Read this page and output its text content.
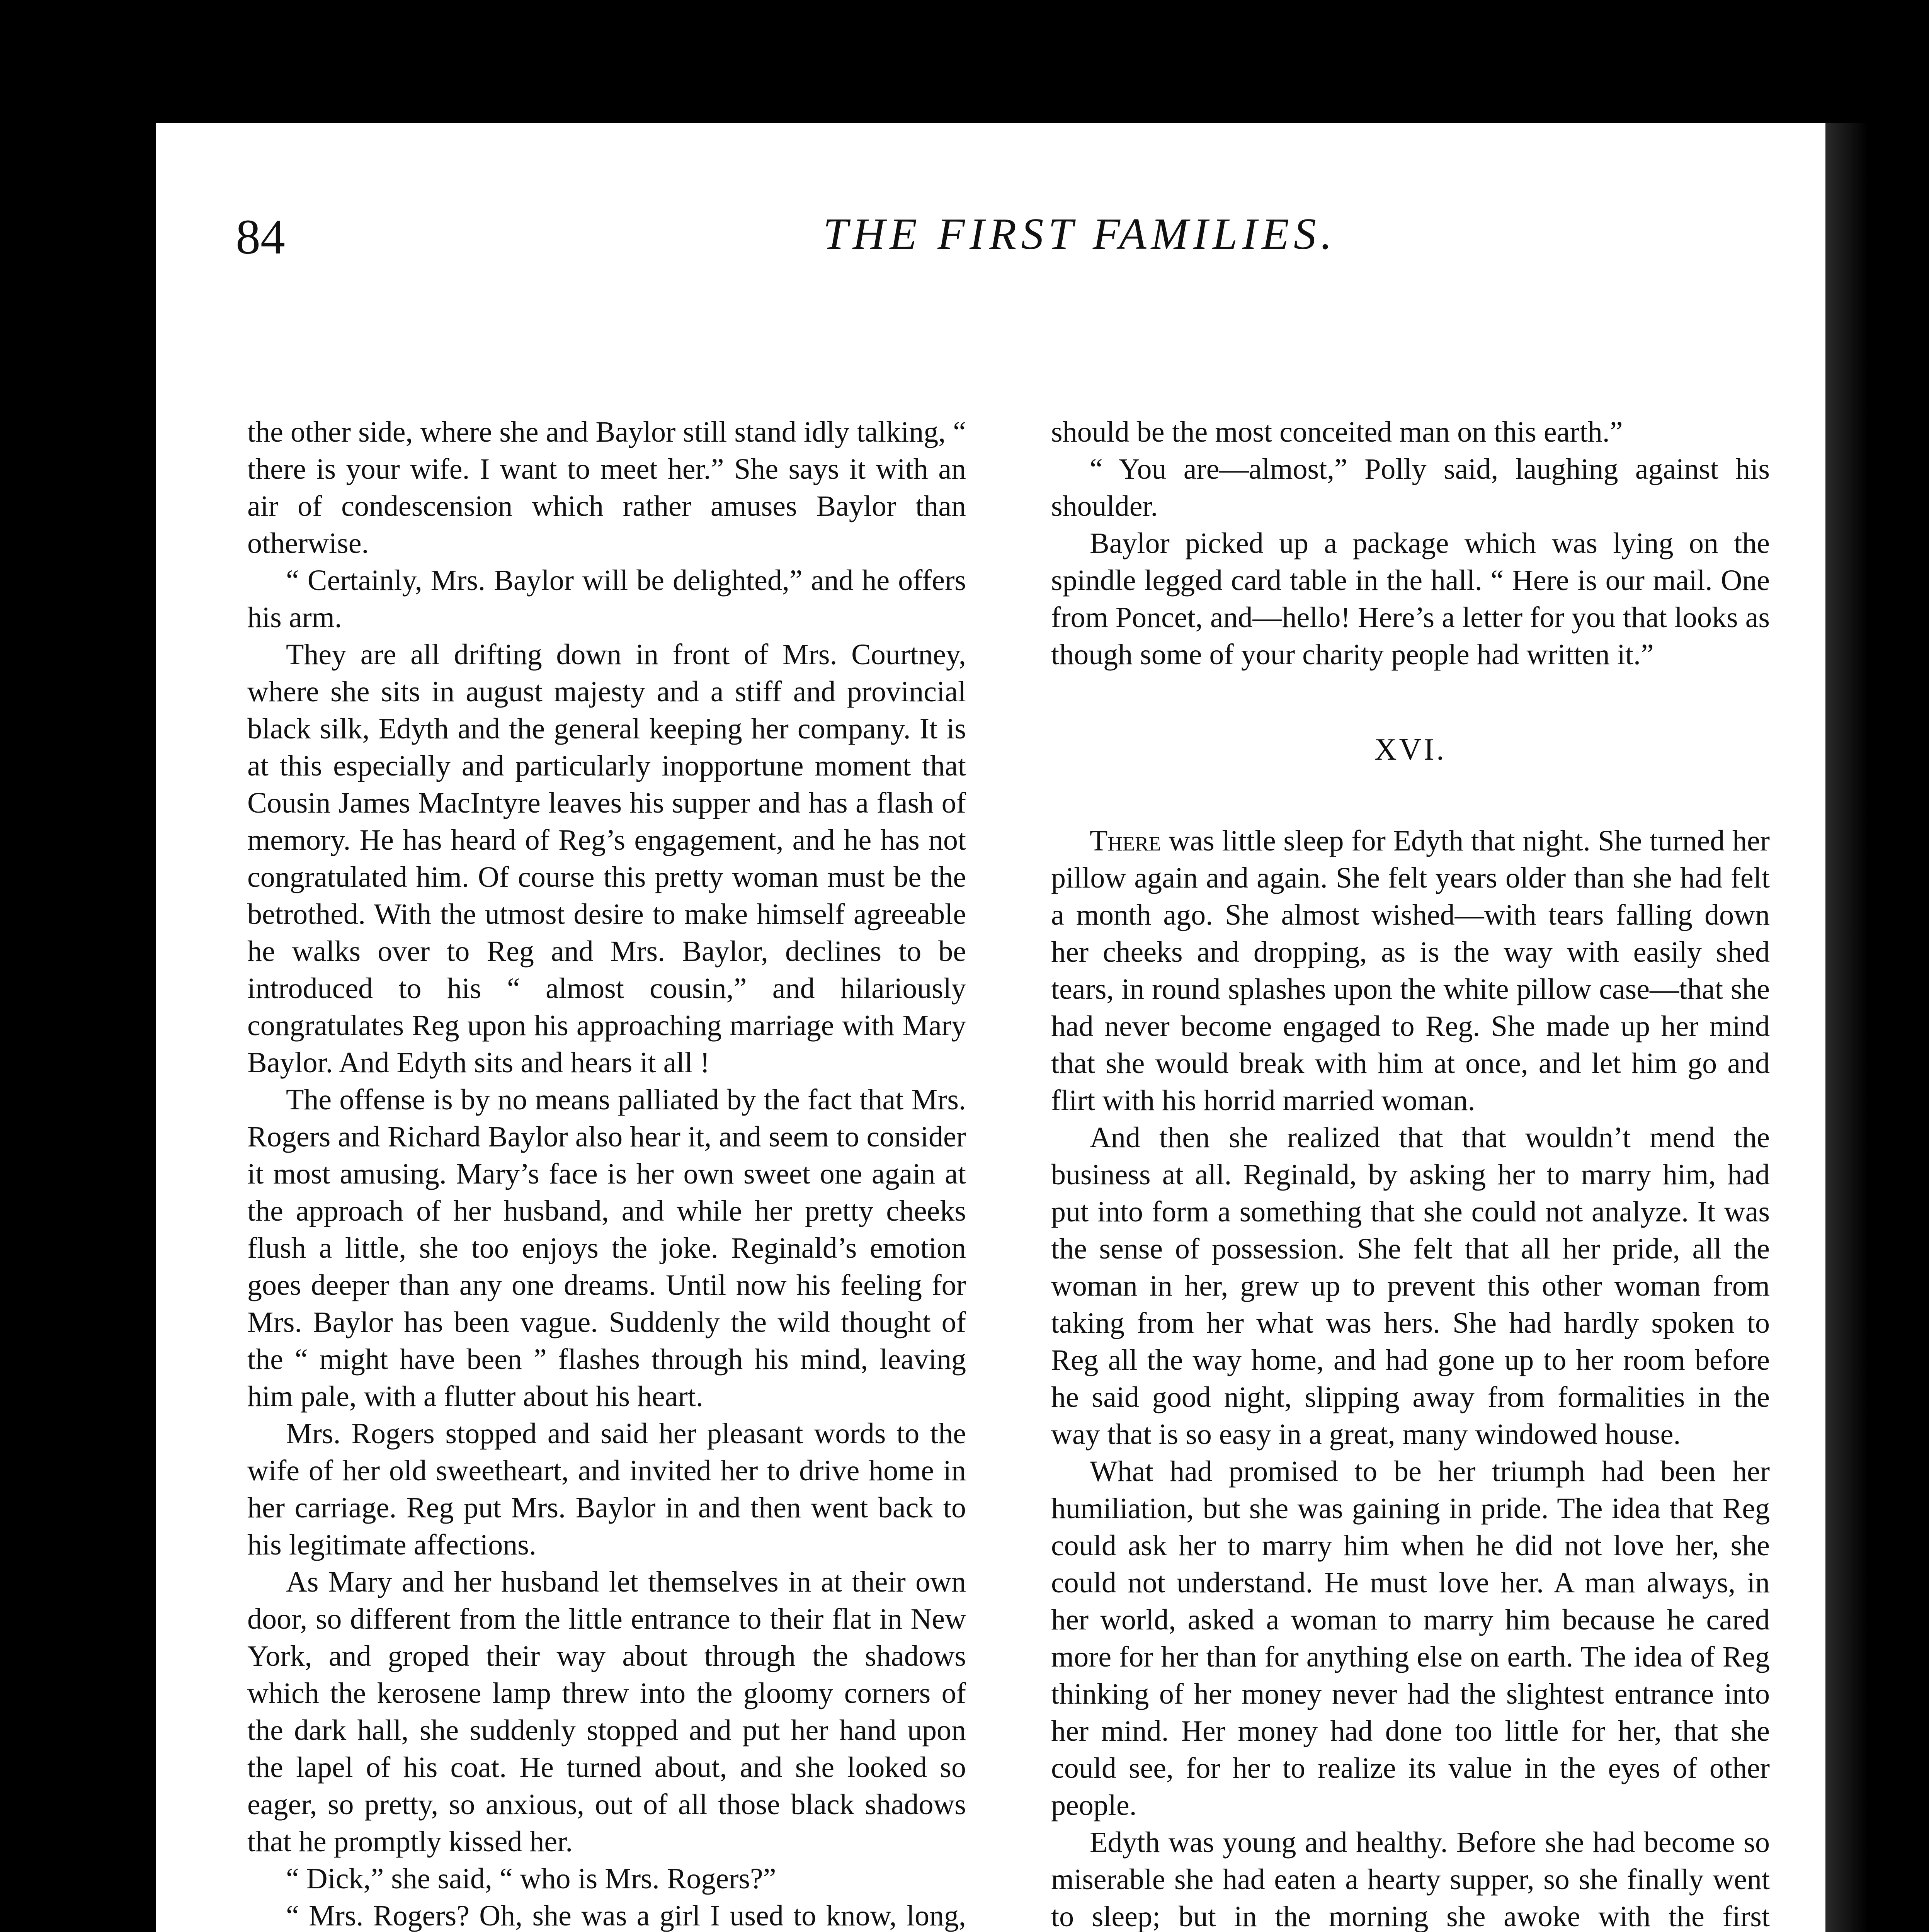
84	THE FIRST FAMILIES.

the other side, where she and Baylor still stand idly talking, “ there is your wife. I want to meet her.” She says it with an air of condescension which rather amuses Baylor than otherwise.

“ Certainly, Mrs. Baylor will be delighted,” and he offers his arm.

They are all drifting down in front of Mrs. Courtney, where she sits in august majesty and a stiff and provincial black silk, Edyth and the general keeping her company. It is at this especially and particularly inopportune moment that Cousin James MacIntyre leaves his supper and has a flash of memory. He has heard of Reg’s engagement, and he has not congratulated him. Of course this pretty woman must be the betrothed. With the utmost desire to make himself agreeable he walks over to Reg and Mrs. Baylor, declines to be introduced to his “ almost cousin,” and hilariously congratulates Reg upon his approaching marriage with Mary Baylor. And Edyth sits and hears it all !

The offense is by no means palliated by the fact that Mrs. Rogers and Richard Baylor also hear it, and seem to consider it most amusing. Mary’s face is her own sweet one again at the approach of her husband, and while her pretty cheeks flush a little, she too enjoys the joke. Reginald’s emotion goes deeper than any one dreams. Until now his feeling for Mrs. Baylor has been vague. Suddenly the wild thought of the “ might have been ” flashes through his mind, leaving him pale, with a flutter about his heart.

Mrs. Rogers stopped and said her pleasant words to the wife of her old sweetheart, and invited her to drive home in her carriage. Reg put Mrs. Baylor in and then went back to his legitimate affections.

As Mary and her husband let themselves in at their own door, so different from the little entrance to their flat in New York, and groped their way about through the shadows which the kerosene lamp threw into the gloomy corners of the dark hall, she suddenly stopped and put her hand upon the lapel of his coat. He turned about, and she looked so eager, so pretty, so anxious, out of all those black shadows that he promptly kissed her.

“ Dick,” she said, “ who is Mrs. Rogers?”

“ Mrs. Rogers? Oh, she was a girl I used to know, long,

should be the most conceited man on this earth.”

“ You are—almost,” Polly said, laughing against his shoulder.

Baylor picked up a package which was lying on the spindle legged card table in the hall. “ Here is our mail. One from Poncet, and—hello! Here’s a letter for you that looks as though some of your charity people had written it.”

XVI.

There was little sleep for Edyth that night. She turned her pillow again and again. She felt years older than she had felt a month ago. She almost wished—with tears falling down her cheeks and dropping, as is the way with easily shed tears, in round splashes upon the white pillow case—that she had never become engaged to Reg. She made up her mind that she would break with him at once, and let him go and flirt with his horrid married woman.

And then she realized that that wouldn’t mend the business at all. Reginald, by asking her to marry him, had put into form a something that she could not analyze. It was the sense of possession. She felt that all her pride, all the woman in her, grew up to prevent this other woman from taking from her what was hers. She had hardly spoken to Reg all the way home, and had gone up to her room before he said good night, slipping away from formalities in the way that is so easy in a great, many windowed house.

What had promised to be her triumph had been her humiliation, but she was gaining in pride. The idea that Reg could ask her to marry him when he did not love her, she could not understand. He must love her. A man always, in her world, asked a woman to marry him because he cared more for her than for anything else on earth. The idea of Reg thinking of her money never had the slightest entrance into her mind. Her money had done too little for her, that she could see, for her to realize its value in the eyes of other people.

Edyth was young and healthy. Before she had become so miserable she had eaten a hearty supper, so she finally went to sleep; but in the morning she awoke with the first
